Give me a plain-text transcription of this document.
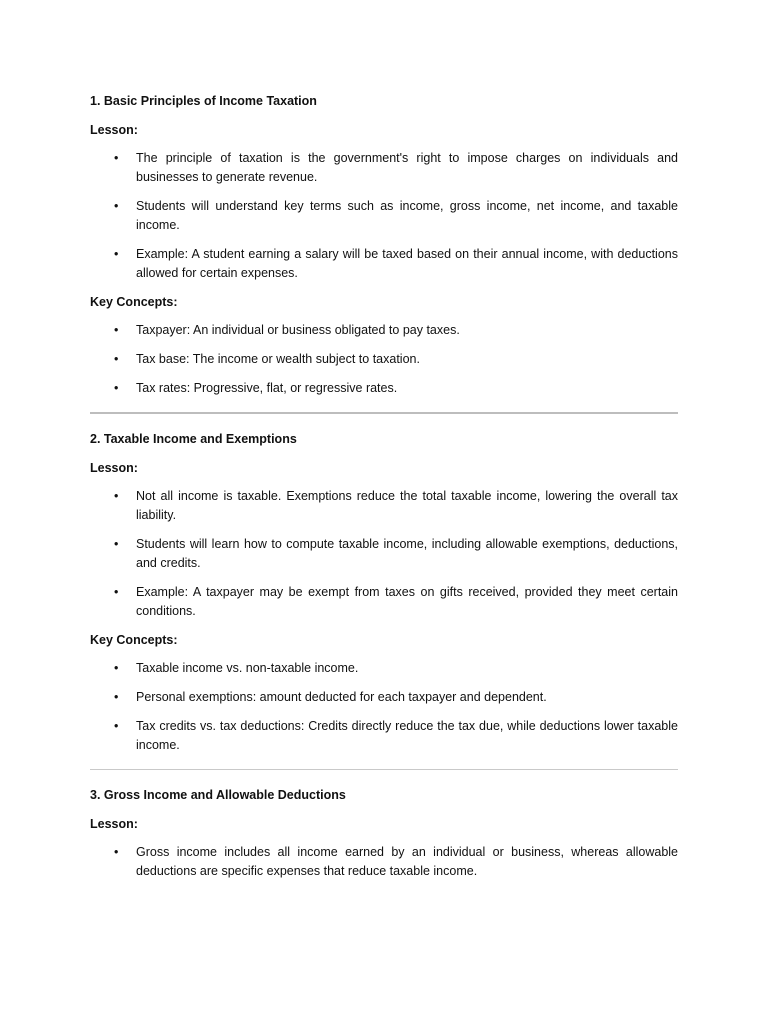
1. Basic Principles of Income Taxation
Lesson:
• The principle of taxation is the government's right to impose charges on individuals and businesses to generate revenue.
• Students will understand key terms such as income, gross income, net income, and taxable income.
• Example: A student earning a salary will be taxed based on their annual income, with deductions allowed for certain expenses.
Key Concepts:
• Taxpayer: An individual or business obligated to pay taxes.
• Tax base: The income or wealth subject to taxation.
• Tax rates: Progressive, flat, or regressive rates.
2. Taxable Income and Exemptions
Lesson:
• Not all income is taxable. Exemptions reduce the total taxable income, lowering the overall tax liability.
• Students will learn how to compute taxable income, including allowable exemptions, deductions, and credits.
• Example: A taxpayer may be exempt from taxes on gifts received, provided they meet certain conditions.
Key Concepts:
• Taxable income vs. non-taxable income.
• Personal exemptions: amount deducted for each taxpayer and dependent.
• Tax credits vs. tax deductions: Credits directly reduce the tax due, while deductions lower taxable income.
3. Gross Income and Allowable Deductions
Lesson:
• Gross income includes all income earned by an individual or business, whereas allowable deductions are specific expenses that reduce taxable income.
